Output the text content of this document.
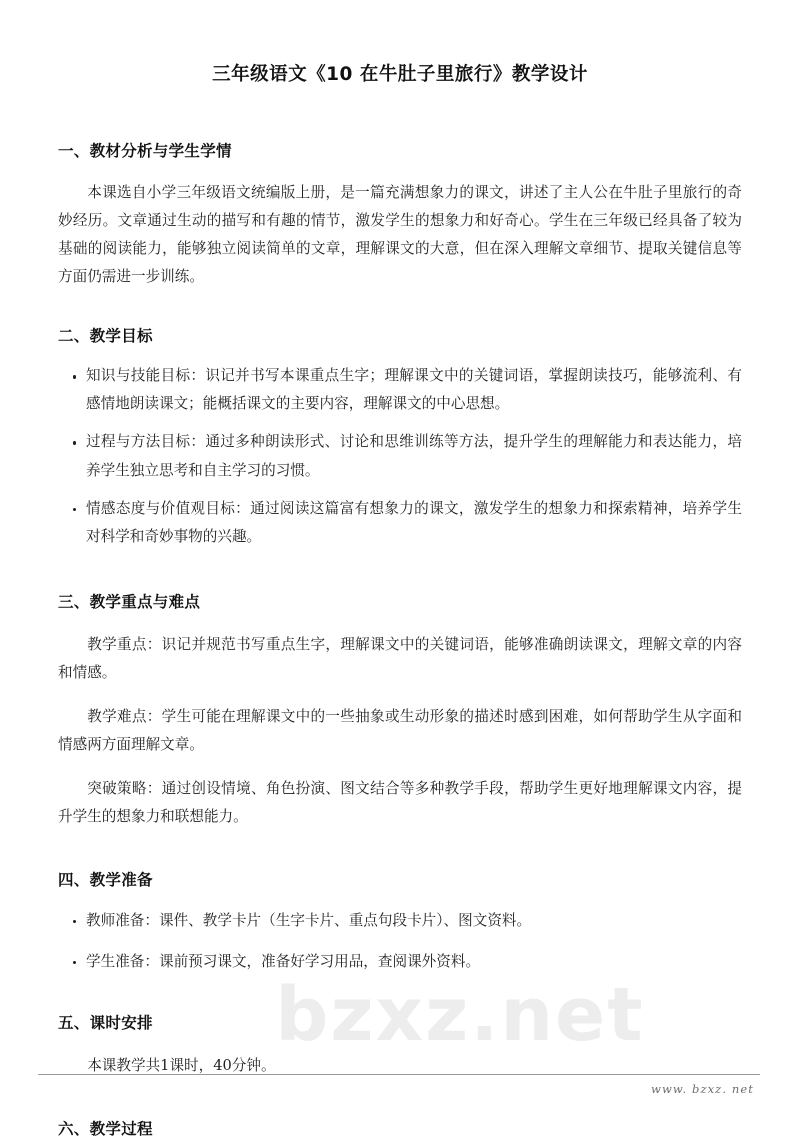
bzxz.net
三年级语文《10 在牛肚子里旅行》教学设计
一、教材分析与学生学情

本课选自小学三年级语文统编版上册，是一篇充满想象力的课文，讲述了主人公在牛肚子里旅行的奇妙经历。文章通过生动的描写和有趣的情节，激发学生的想象力和好奇心。学生在三年级已经具备了较为基础的阅读能力，能够独立阅读简单的文章，理解课文的大意，但在深入理解文章细节、提取关键信息等方面仍需进一步训练。

二、教学目标
知识与技能目标：识记并书写本课重点生字；理解课文中的关键词语，掌握朗读技巧，能够流利、有感情地朗读课文；能概括课文的主要内容，理解课文的中心思想。
过程与方法目标：通过多种朗读形式、讨论和思维训练等方法，提升学生的理解能力和表达能力，培养学生独立思考和自主学习的习惯。
情感态度与价值观目标：通过阅读这篇富有想象力的课文，激发学生的想象力和探索精神，培养学生对科学和奇妙事物的兴趣。
三、教学重点与难点

教学重点：识记并规范书写重点生字，理解课文中的关键词语，能够准确朗读课文，理解文章的内容和情感。

教学难点：学生可能在理解课文中的一些抽象或生动形象的描述时感到困难，如何帮助学生从字面和情感两方面理解文章。

突破策略：通过创设情境、角色扮演、图文结合等多种教学手段，帮助学生更好地理解课文内容，提升学生的想象力和联想能力。

四、教学准备
教师准备：课件、教学卡片（生字卡片、重点句段卡片）、图文资料。
学生准备：课前预习课文，准备好学习用品，查阅课外资料。
五、课时安排

本课教学共1课时，40分钟。

六、教学过程
www. bzxz. net
